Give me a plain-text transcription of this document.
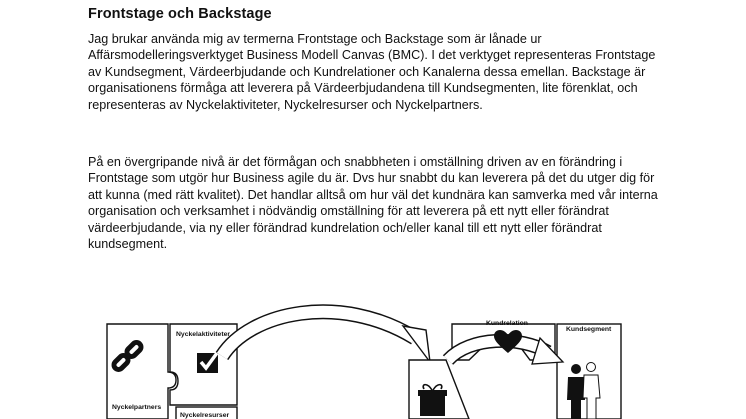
Frontstage och Backstage

Jag brukar använda mig av termerna Frontstage och Backstage som är lånade ur Affärsmodelleringsverktyget Business Modell Canvas (BMC). I det verktyget representeras Frontstage av Kundsegment, Värdeerbjudande och Kundrelationer och Kanalerna dessa emellan. Backstage är organisationens förmåga att leverera på Värdeerbjudandena till Kundsegmenten, lite förenklat, och representeras av Nyckelaktiviteter, Nyckelresurser och Nyckelpartners.

På en övergripande nivå är det förmågan och snabbheten i omställning driven av en förändring i Frontstage som utgör hur Business agile du är. Dvs hur snabbt du kan leverera på det du utger dig för att kunna (med rätt kvalitet). Det handlar alltså om hur väl det kundnära kan samverka med vår interna organisation och verksamhet i nödvändig omställning för att leverera på ett nytt eller förändrat värdeerbjudande, via ny eller förändrad kundrelation och/eller kanal till ett nytt eller förändrat kundsegment.

Nyckelaktiviteter
Nyckelpartners
Nyckelresurser
Kundrelation
Kundsegment
